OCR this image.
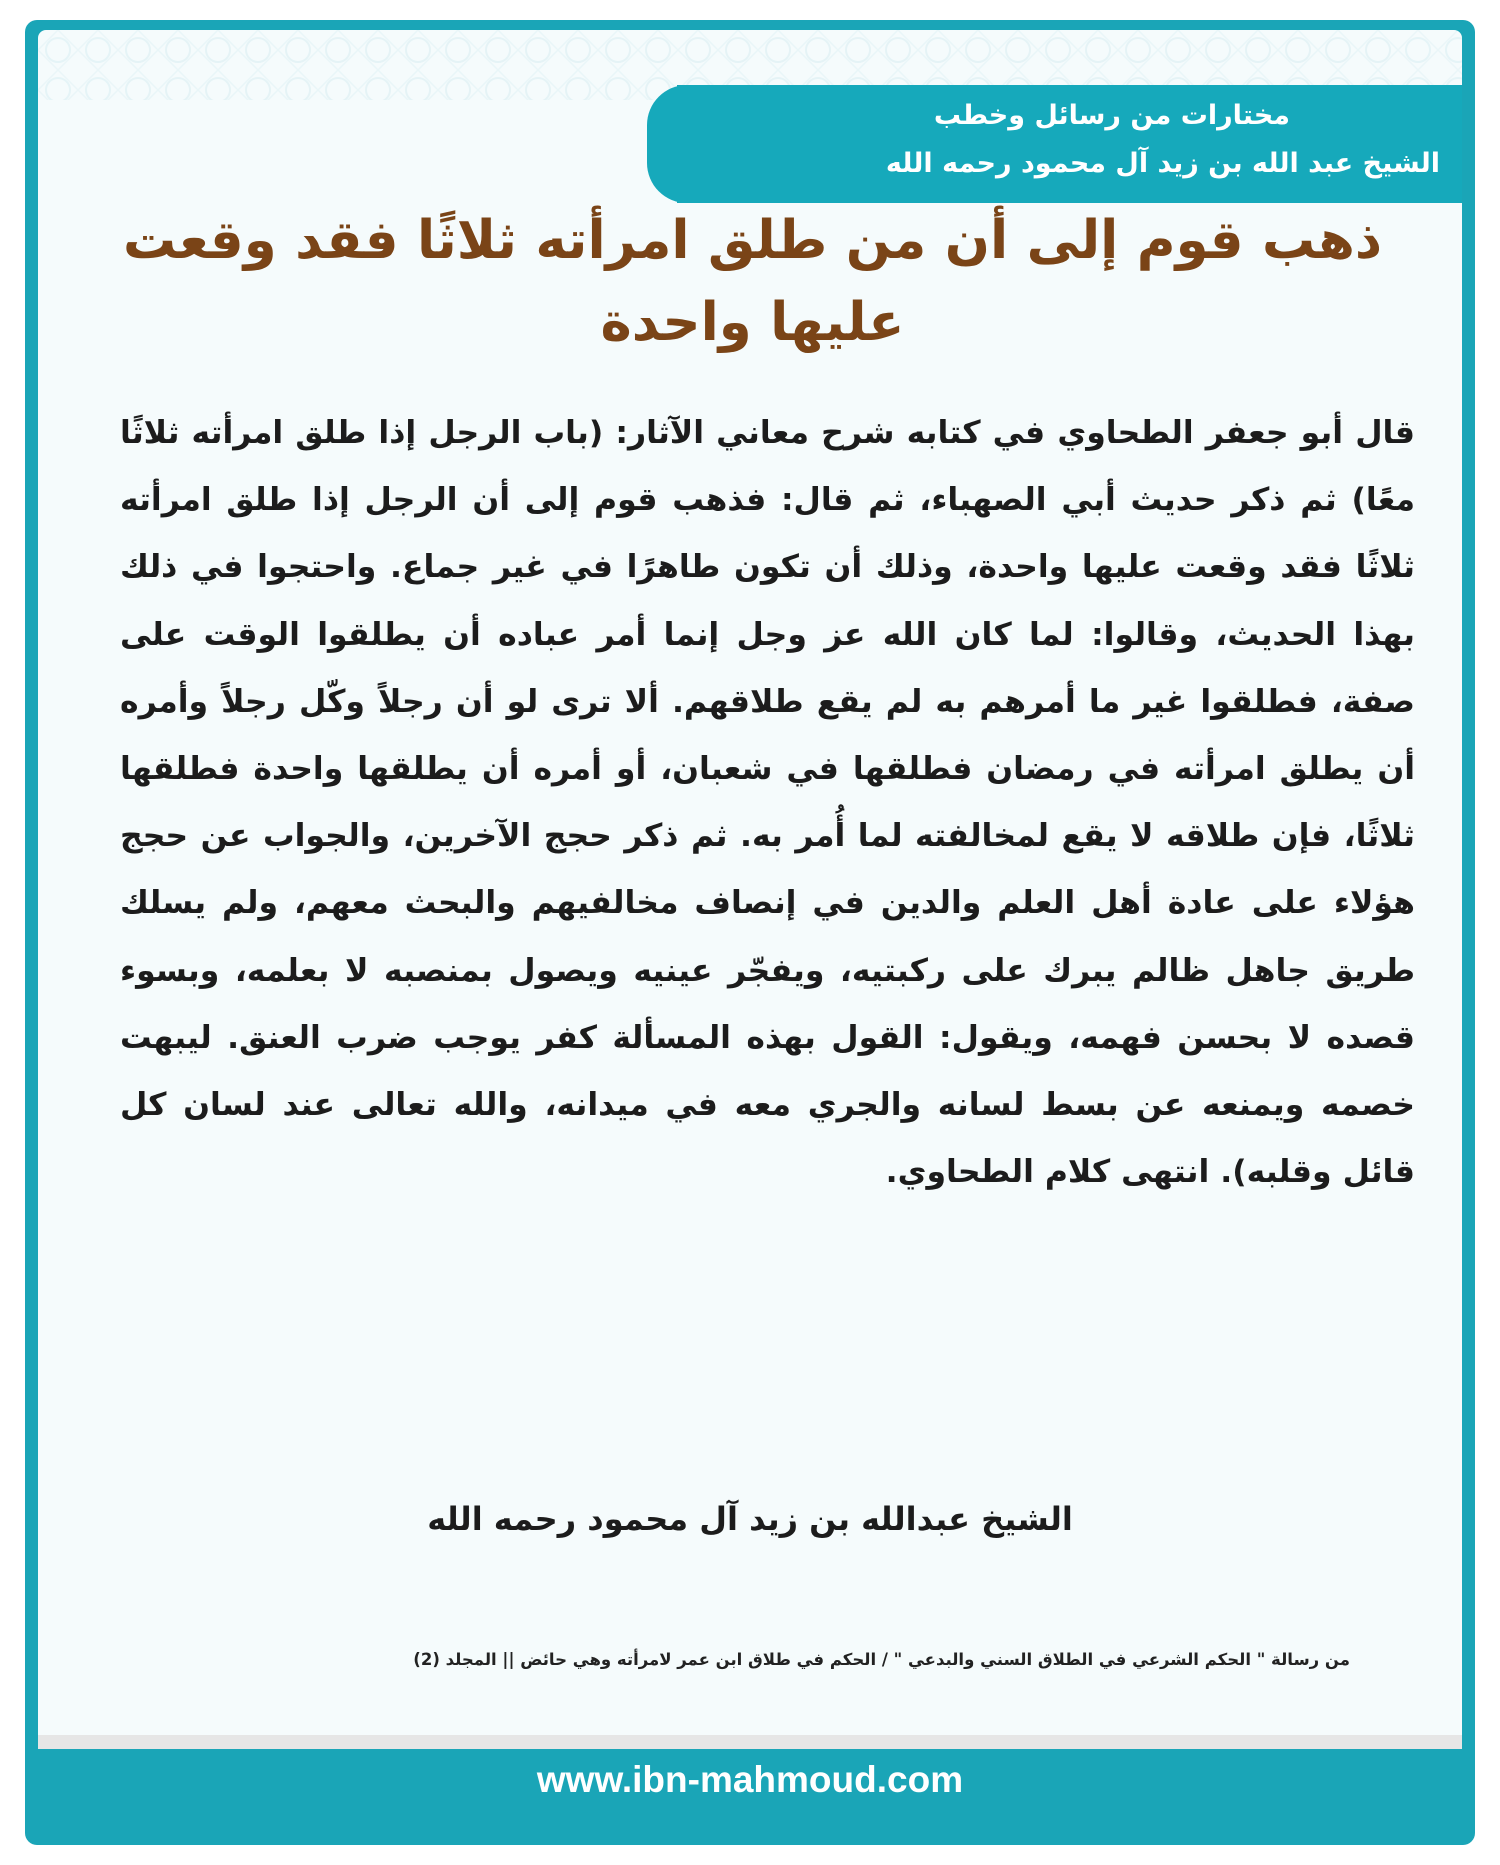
مختارات من رسائل وخطب
الشيخ عبد الله بن زيد آل محمود رحمه الله
ذهب قوم إلى أن من طلق امرأته ثلاثًا فقد وقعت عليها واحدة
قال أبو جعفر الطحاوي في كتابه شرح معاني الآثار: (باب الرجل إذا طلق امرأته ثلاثًا معًا) ثم ذكر حديث أبي الصهباء، ثم قال: فذهب قوم إلى أن الرجل إذا طلق امرأته ثلاثًا فقد وقعت عليها واحدة، وذلك أن تكون طاهرًا في غير جماع. واحتجوا في ذلك بهذا الحديث، وقالوا: لما كان الله عز وجل إنما أمر عباده أن يطلقوا الوقت على صفة، فطلقوا غير ما أمرهم به لم يقع طلاقهم. ألا ترى لو أن رجلاً وكّل رجلاً وأمره أن يطلق امرأته في رمضان فطلقها في شعبان، أو أمره أن يطلقها واحدة فطلقها ثلاثًا، فإن طلاقه لا يقع لمخالفته لما أُمر به. ثم ذكر حجج الآخرين، والجواب عن حجج هؤلاء على عادة أهل العلم والدين في إنصاف مخالفيهم والبحث معهم، ولم يسلك طريق جاهل ظالم يبرك على ركبتيه، ويفجّر عينيه ويصول بمنصبه لا بعلمه، وبسوء قصده لا بحسن فهمه، ويقول: القول بهذه المسألة كفر يوجب ضرب العنق. ليبهت خصمه ويمنعه عن بسط لسانه والجري معه في ميدانه، والله تعالى عند لسان كل قائل وقلبه). انتهى كلام الطحاوي.
الشيخ عبدالله بن زيد آل محمود رحمه الله
من رسالة " الحكم الشرعي في الطلاق السني والبدعي " / الحكم في طلاق ابن عمر لامرأته وهي حائض || المجلد (2)
www.ibn-mahmoud.com
